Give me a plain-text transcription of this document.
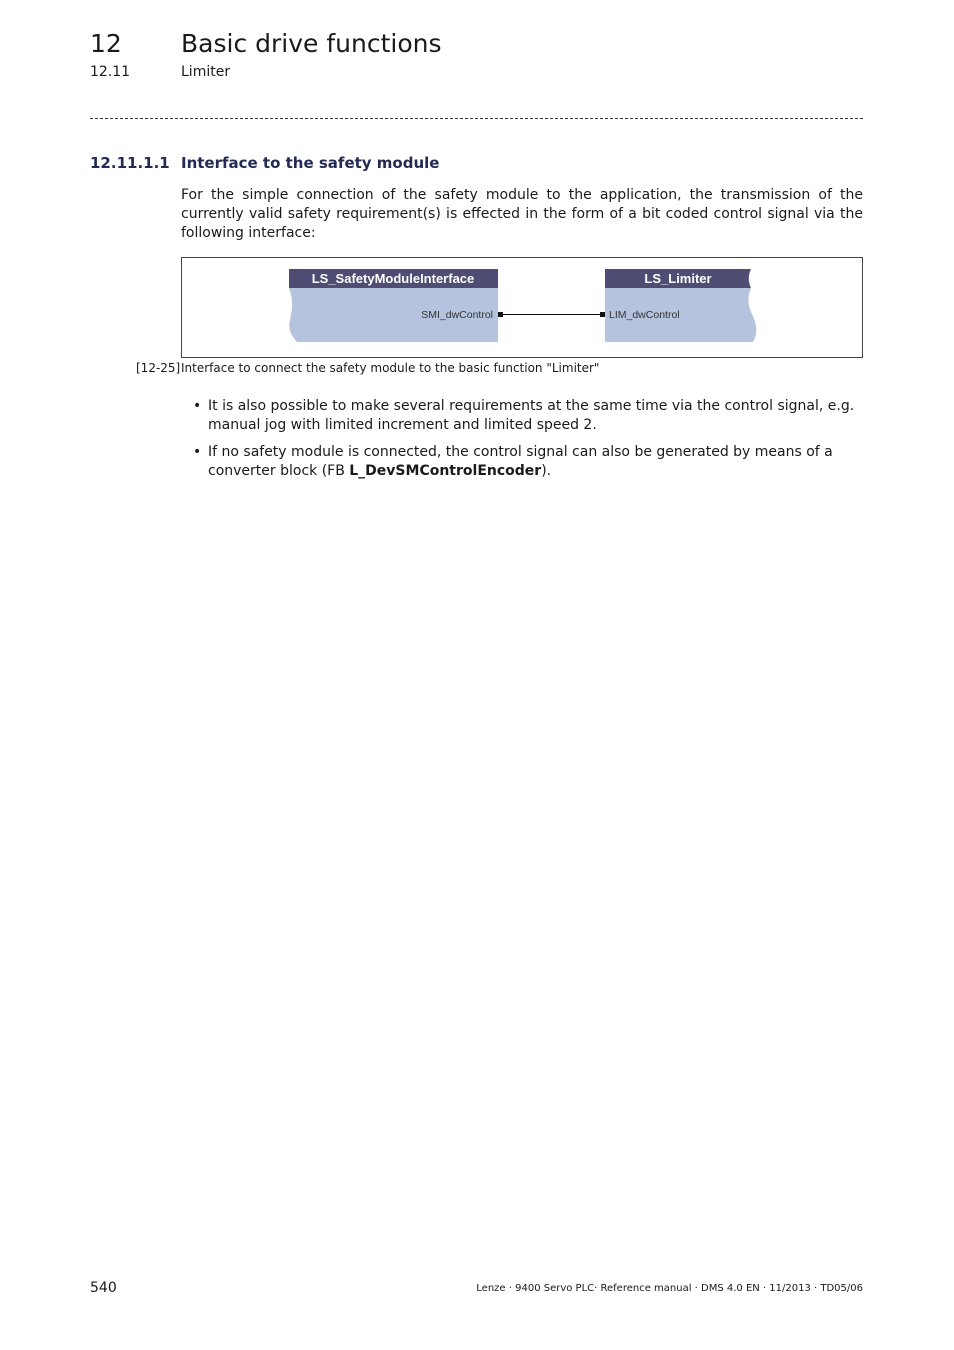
12 Basic drive functions
12.11	Limiter
12.11.1.1 Interface to the safety module

For the simple connection of the safety module to the application, the transmission of the currently valid safety requirement(s) is effected in the form of a bit coded control signal via the following interface:

LS_SafetyModuleInterface
SMI_dwControl
LS_Limiter
LIM_dwControl
[12-25] Interface to connect the safety module to the basic function "Limiter"
• It is also possible to make several requirements at the same time via the control signal, e.g. manual jog with limited increment and limited speed 2.
• If no safety module is connected, the control signal can also be generated by means of a converter block (FB L_DevSMControlEncoder).
540	Lenze · 9400 Servo PLC· Reference manual · DMS 4.0 EN · 11/2013 · TD05/06
